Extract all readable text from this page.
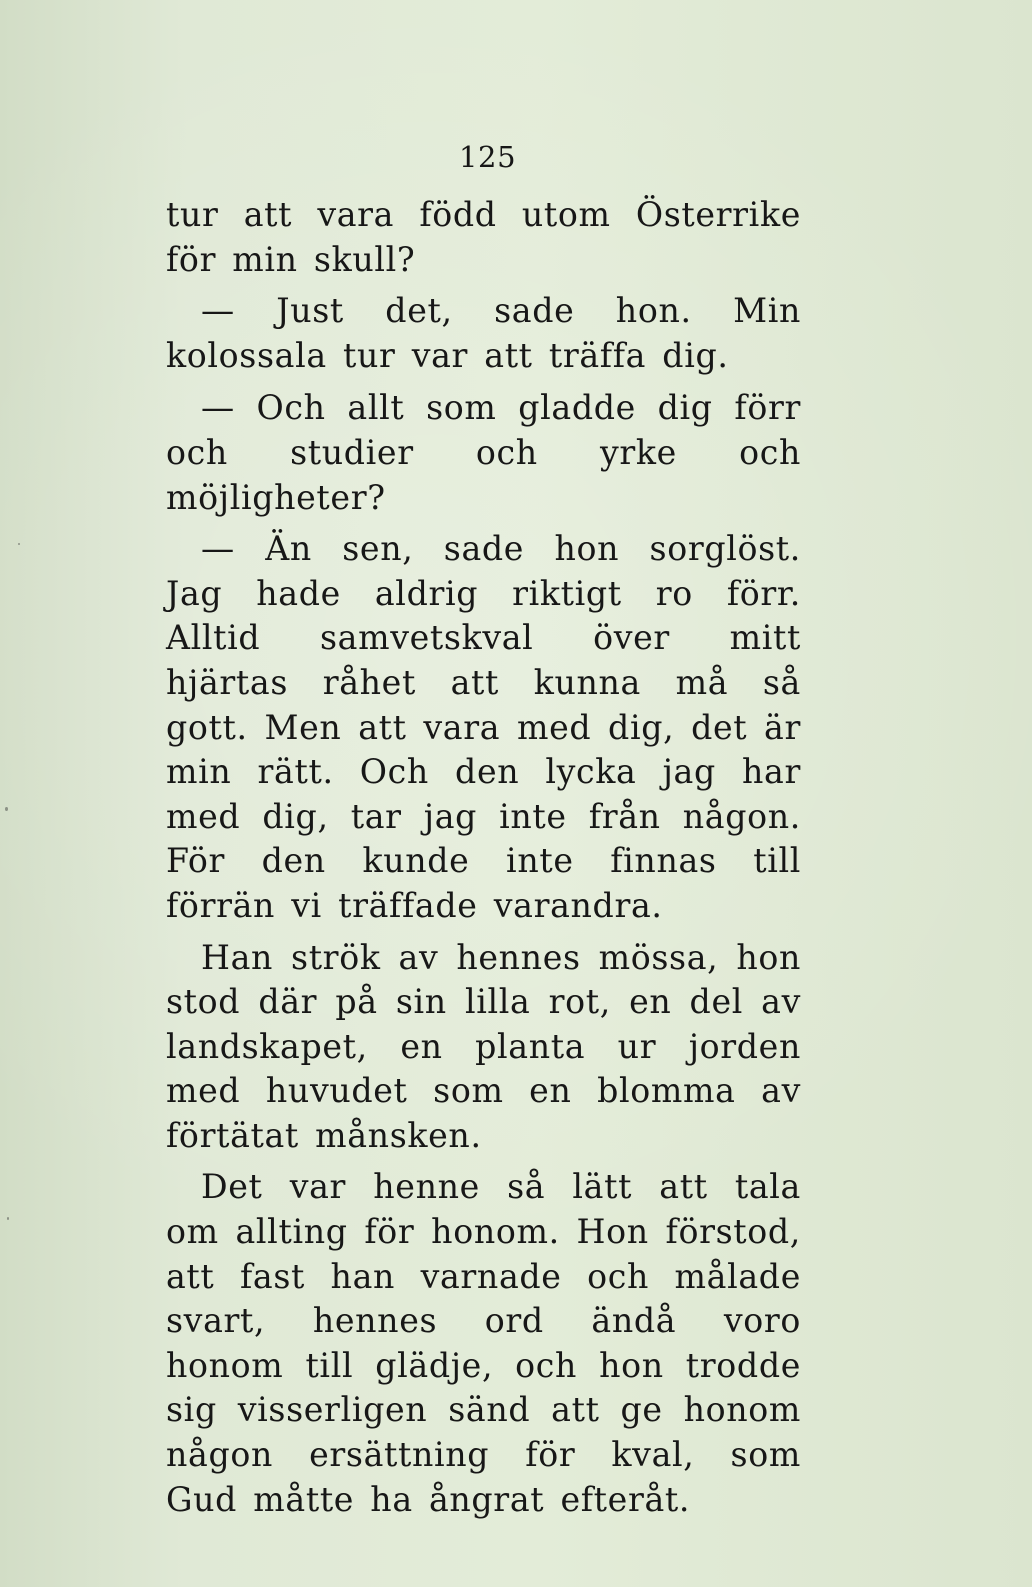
125

tur att vara född utom Österrike för min skull?

— Just det, sade hon. Min kolossala tur var att träffa dig.

— Och allt som gladde dig förr och studier och yrke och möjligheter?

— Än sen, sade hon sorglöst. Jag hade aldrig riktigt ro förr. Alltid samvetskval över mitt hjärtas råhet att kunna må så gott. Men att vara med dig, det är min rätt. Och den lycka jag har med dig, tar jag inte från någon. För den kunde inte finnas till förrän vi träffade varandra.

Han strök av hennes mössa, hon stod där på sin lilla rot, en del av landskapet, en planta ur jorden med huvudet som en blomma av förtätat månsken.

Det var henne så lätt att tala om allting för honom. Hon förstod, att fast han varnade och målade svart, hennes ord ändå voro honom till glädje, och hon trodde sig visserligen sänd att ge honom någon ersättning för kval, som Gud måtte ha ångrat efteråt.
